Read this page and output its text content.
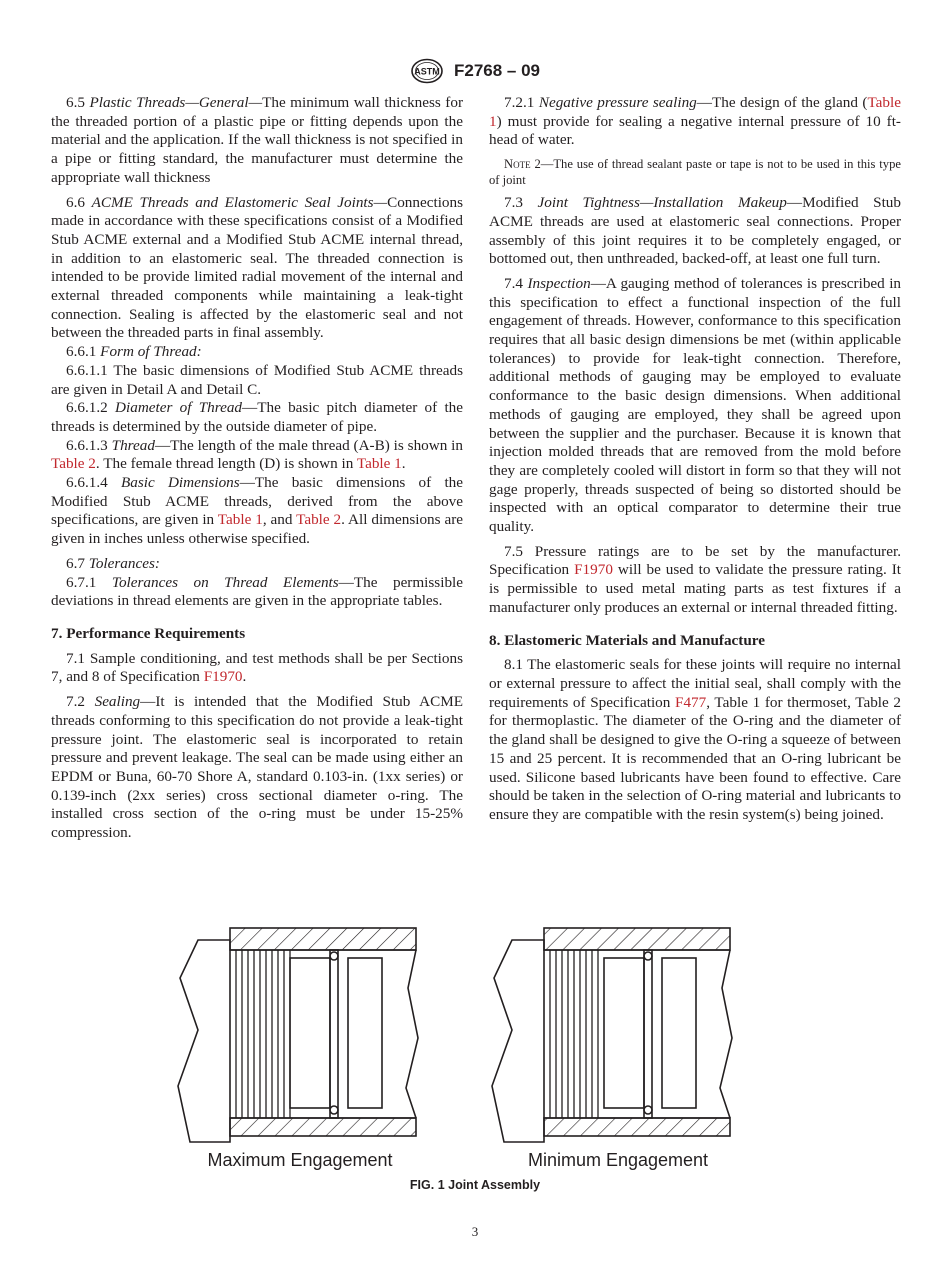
ASTM F2768 – 09

6.5 Plastic Threads—General—The minimum wall thickness for the threaded portion of a plastic pipe or fitting depends upon the material and the application. If the wall thickness is not specified in a pipe or fitting standard, the manufacturer must determine the appropriate wall thickness

6.6 ACME Threads and Elastomeric Seal Joints—Connections made in accordance with these specifications consist of a Modified Stub ACME external and a Modified Stub ACME internal thread, in addition to an elastomeric seal. The threaded connection is intended to be provide limited radial movement of the internal and external threaded components while maintaining a leak-tight connection. Sealing is affected by the elastomeric seal and not between the threaded parts in final assembly.

6.6.1 Form of Thread:

6.6.1.1 The basic dimensions of Modified Stub ACME threads are given in Detail A and Detail C.

6.6.1.2 Diameter of Thread—The basic pitch diameter of the threads is determined by the outside diameter of pipe.

6.6.1.3 Thread—The length of the male thread (A-B) is shown in Table 2. The female thread length (D) is shown in Table 1.

6.6.1.4 Basic Dimensions—The basic dimensions of the Modified Stub ACME threads, derived from the above specifications, are given in Table 1, and Table 2. All dimensions are given in inches unless otherwise specified.

6.7 Tolerances:

6.7.1 Tolerances on Thread Elements—The permissible deviations in thread elements are given in the appropriate tables.

7. Performance Requirements

7.1 Sample conditioning, and test methods shall be per Sections 7, and 8 of Specification F1970.

7.2 Sealing—It is intended that the Modified Stub ACME threads conforming to this specification do not provide a leak-tight pressure joint. The elastomeric seal is incorporated to retain pressure and prevent leakage. The seal can be made using either an EPDM or Buna, 60-70 Shore A, standard 0.103-in. (1xx series) or 0.139-inch (2xx series) cross sectional diameter o-ring. The installed cross section of the o-ring must be under 15-25% compression.

7.2.1 Negative pressure sealing—The design of the gland (Table 1) must provide for sealing a negative internal pressure of 10 ft-head of water.

Note 2—The use of thread sealant paste or tape is not to be used in this type of joint

7.3 Joint Tightness—Installation Makeup—Modified Stub ACME threads are used at elastomeric seal connections. Proper assembly of this joint requires it to be completely engaged, or bottomed out, then unthreaded, backed-off, at least one full turn.

7.4 Inspection—A gauging method of tolerances is prescribed in this specification to effect a functional inspection of the full engagement of threads. However, conformance to this specification requires that all basic design dimensions be met (within applicable tolerances) to provide for leak-tight connection. Therefore, additional methods of gauging may be employed to evaluate conformance to the basic design dimensions. When additional methods of gauging are employed, they shall be agreed upon between the supplier and the purchaser. Because it is known that injection molded threads that are removed from the mold before they are completely cooled will distort in form so that they will not gage properly, threads suspected of being so distorted should be inspected with an optical comparator to determine their true quality.

7.5 Pressure ratings are to be set by the manufacturer. Specification F1970 will be used to validate the pressure rating. It is permissible to used metal mating parts as test fixtures if a manufacturer only produces an external or internal threaded fitting.

8. Elastomeric Materials and Manufacture

8.1 The elastomeric seals for these joints will require no internal or external pressure to affect the initial seal, shall comply with the requirements of Specification F477, Table 1 for thermoset, Table 2 for thermoplastic. The diameter of the O-ring and the diameter of the gland shall be designed to give the O-ring a squeeze of between 15 and 25 percent. It is recommended that an O-ring lubricant be used. Silicone based lubricants have been found to effective. Care should be taken in the selection of O-ring material and lubricants to ensure they are compatible with the resin system(s) being joined.

Maximum Engagement	Minimum Engagement
FIG. 1 Joint Assembly
3
